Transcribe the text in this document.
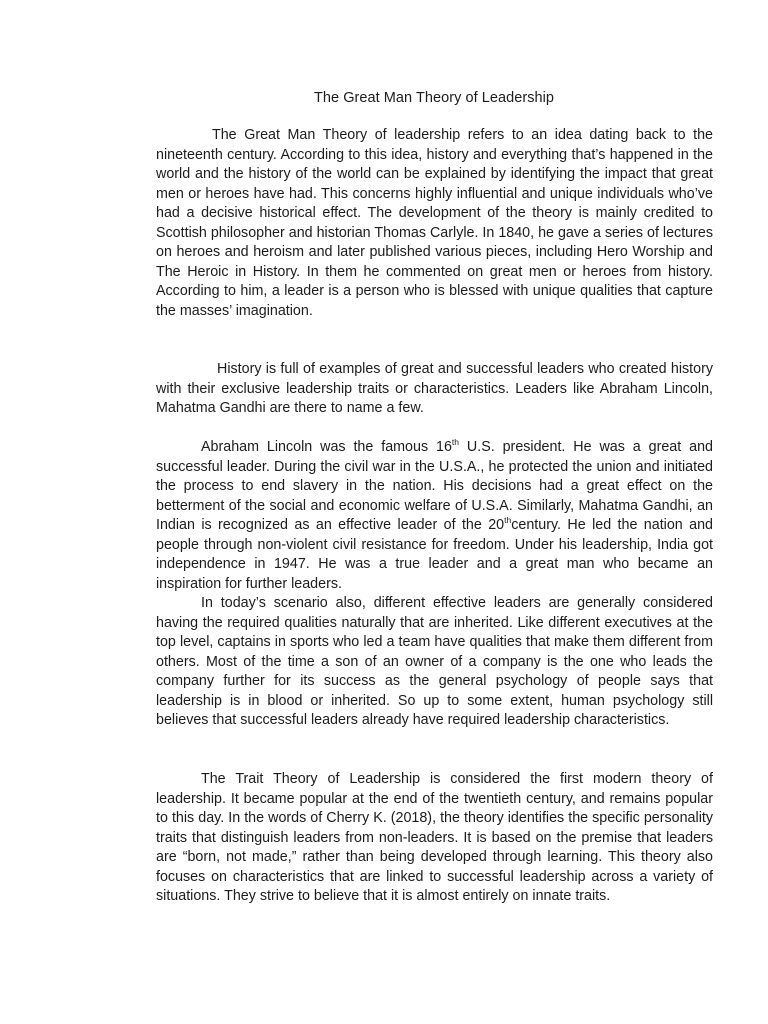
The Great Man Theory of Leadership

The Great Man Theory of leadership refers to an idea dating back to the nineteenth century. According to this idea, history and everything that’s happened in the world and the history of the world can be explained by identifying the impact that great men or heroes have had. This concerns highly influential and unique individuals who’ve had a decisive historical effect. The development of the theory is mainly credited to Scottish philosopher and historian Thomas Carlyle. In 1840, he gave a series of lectures on heroes and heroism and later published various pieces, including Hero Worship and The Heroic in History. In them he commented on great men or heroes from history. According to him, a leader is a person who is blessed with unique qualities that capture the masses’ imagination.

History is full of examples of great and successful leaders who created history with their exclusive leadership traits or characteristics. Leaders like Abraham Lincoln, Mahatma Gandhi are there to name a few.

Abraham Lincoln was the famous 16th U.S. president. He was a great and successful leader. During the civil war in the U.S.A., he protected the union and initiated the process to end slavery in the nation. His decisions had a great effect on the betterment of the social and economic welfare of U.S.A. Similarly, Mahatma Gandhi, an Indian is recognized as an effective leader of the 20thcentury. He led the nation and people through non-violent civil resistance for freedom. Under his leadership, India got independence in 1947. He was a true leader and a great man who became an inspiration for further leaders.

In today’s scenario also, different effective leaders are generally considered having the required qualities naturally that are inherited. Like different executives at the top level, captains in sports who led a team have qualities that make them different from others. Most of the time a son of an owner of a company is the one who leads the company further for its success as the general psychology of people says that leadership is in blood or inherited. So up to some extent, human psychology still believes that successful leaders already have required leadership characteristics.

The Trait Theory of Leadership is considered the first modern theory of leadership. It became popular at the end of the twentieth century, and remains popular to this day. In the words of Cherry K. (2018), the theory identifies the specific personality traits that distinguish leaders from non-leaders. It is based on the premise that leaders are “born, not made,” rather than being developed through learning. This theory also focuses on characteristics that are linked to successful leadership across a variety of situations. They strive to believe that it is almost entirely on innate traits.
